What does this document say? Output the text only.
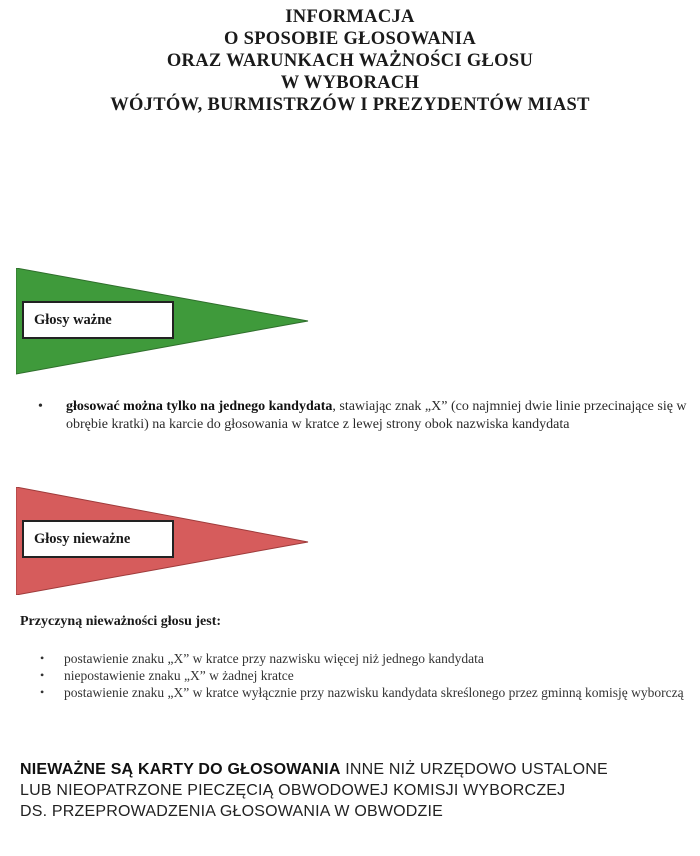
INFORMACJA
O SPOSOBIE GŁOSOWANIA
ORAZ WARUNKACH WAŻNOŚCI GŁOSU
W WYBORACH
WÓJTÓW, BURMISTRZÓW I PREZYDENTÓW MIAST
Głosy ważne
• głosować można tylko na jednego kandydata, stawiając znak „X” (co najmniej dwie linie przecinające się w obrębie kratki) na karcie do głosowania w kratce z lewej strony obok nazwiska kandydata
Głosy nieważne
Przyczyną nieważności głosu jest:
• postawienie znaku „X” w kratce przy nazwisku więcej niż jednego kandydata
• niepostawienie znaku „X” w żadnej kratce
• postawienie znaku „X” w kratce wyłącznie przy nazwisku kandydata skreślonego przez gminną komisję wyborczą
NIEWAŻNE SĄ KARTY DO GŁOSOWANIA INNE NIŻ URZĘDOWO USTALONE
LUB NIEOPATRZONE PIECZĘCIĄ OBWODOWEJ KOMISJI WYBORCZEJ
DS. PRZEPROWADZENIA GŁOSOWANIA W OBWODZIE
